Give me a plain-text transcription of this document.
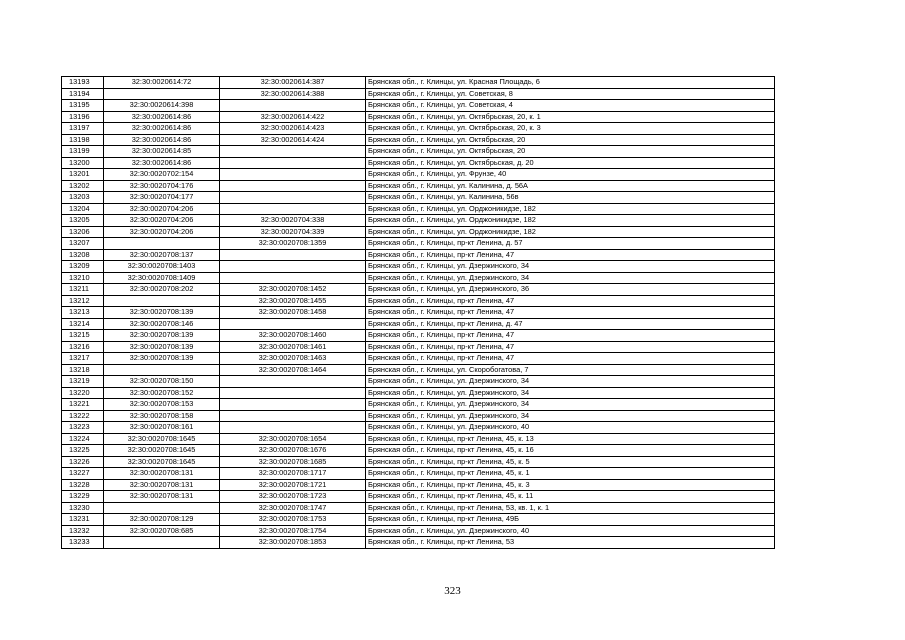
13193	32:30:0020614:72	32:30:0020614:387	Брянская обл., г. Клинцы, ул. Красная Площадь, 6
13194		32:30:0020614:388	Брянская обл., г. Клинцы, ул. Советская, 8
13195	32:30:0020614:398		Брянская обл., г. Клинцы, ул. Советская, 4
13196	32:30:0020614:86	32:30:0020614:422	Брянская обл., г. Клинцы, ул. Октябрьская, 20, к. 1
13197	32:30:0020614:86	32:30:0020614:423	Брянская обл., г. Клинцы, ул. Октябрьская, 20, к. 3
13198	32:30:0020614:86	32:30:0020614:424	Брянская обл., г. Клинцы, ул. Октябрьская, 20
13199	32:30:0020614:85		Брянская обл., г. Клинцы, ул. Октябрьская, 20
13200	32:30:0020614:86		Брянская обл., г. Клинцы, ул. Октябрьская, д. 20
13201	32:30:0020702:154		Брянская обл., г. Клинцы, ул. Фрунзе, 40
13202	32:30:0020704:176		Брянская обл., г. Клинцы, ул. Калинина, д. 56А
13203	32:30:0020704:177		Брянская обл., г. Клинцы, ул. Калинина, 56в
13204	32:30:0020704:206		Брянская обл., г. Клинцы, ул. Орджоникидзе, 182
13205	32:30:0020704:206	32:30:0020704:338	Брянская обл., г. Клинцы, ул. Орджоникидзе, 182
13206	32:30:0020704:206	32:30:0020704:339	Брянская обл., г. Клинцы, ул. Орджоникидзе, 182
13207		32:30:0020708:1359	Брянская обл., г. Клинцы, пр-кт Ленина, д. 57
13208	32:30:0020708:137		Брянская обл., г. Клинцы, пр-кт Ленина, 47
13209	32:30:0020708:1403		Брянская обл., г. Клинцы, ул. Дзержинского, 34
13210	32:30:0020708:1409		Брянская обл., г. Клинцы, ул. Дзержинского, 34
13211	32:30:0020708:202	32:30:0020708:1452	Брянская обл., г. Клинцы, ул. Дзержинского, 36
13212		32:30:0020708:1455	Брянская обл., г. Клинцы, пр-кт Ленина, 47
13213	32:30:0020708:139	32:30:0020708:1458	Брянская обл., г. Клинцы, пр-кт Ленина, 47
13214	32:30:0020708:146		Брянская обл., г. Клинцы, пр-кт Ленина, д. 47
13215	32:30:0020708:139	32:30:0020708:1460	Брянская обл., г. Клинцы, пр-кт Ленина, 47
13216	32:30:0020708:139	32:30:0020708:1461	Брянская обл., г. Клинцы, пр-кт Ленина, 47
13217	32:30:0020708:139	32:30:0020708:1463	Брянская обл., г. Клинцы, пр-кт Ленина, 47
13218		32:30:0020708:1464	Брянская обл., г. Клинцы, ул. Скоробогатова, 7
13219	32:30:0020708:150		Брянская обл., г. Клинцы, ул. Дзержинского, 34
13220	32:30:0020708:152		Брянская обл., г. Клинцы, ул. Дзержинского, 34
13221	32:30:0020708:153		Брянская обл., г. Клинцы, ул. Дзержинского, 34
13222	32:30:0020708:158		Брянская обл., г. Клинцы, ул. Дзержинского, 34
13223	32:30:0020708:161		Брянская обл., г. Клинцы, ул. Дзержинского, 40
13224	32:30:0020708:1645	32:30:0020708:1654	Брянская обл., г. Клинцы, пр-кт Ленина, 45, к. 13
13225	32:30:0020708:1645	32:30:0020708:1676	Брянская обл., г. Клинцы, пр-кт Ленина, 45, к. 16
13226	32:30:0020708:1645	32:30:0020708:1685	Брянская обл., г. Клинцы, пр-кт Ленина, 45, к. 5
13227	32:30:0020708:131	32:30:0020708:1717	Брянская обл., г. Клинцы, пр-кт Ленина, 45, к. 1
13228	32:30:0020708:131	32:30:0020708:1721	Брянская обл., г. Клинцы, пр-кт Ленина, 45, к. 3
13229	32:30:0020708:131	32:30:0020708:1723	Брянская обл., г. Клинцы, пр-кт Ленина, 45, к. 11
13230		32:30:0020708:1747	Брянская обл., г. Клинцы, пр-кт Ленина, 53, кв. 1, к. 1
13231	32:30:0020708:129	32:30:0020708:1753	Брянская обл., г. Клинцы, пр-кт Ленина, 49Б
13232	32:30:0020708:685	32:30:0020708:1754	Брянская обл., г. Клинцы, ул. Дзержинского, 40
13233		32:30:0020708:1853	Брянская обл., г. Клинцы, пр-кт Ленина, 53
323
